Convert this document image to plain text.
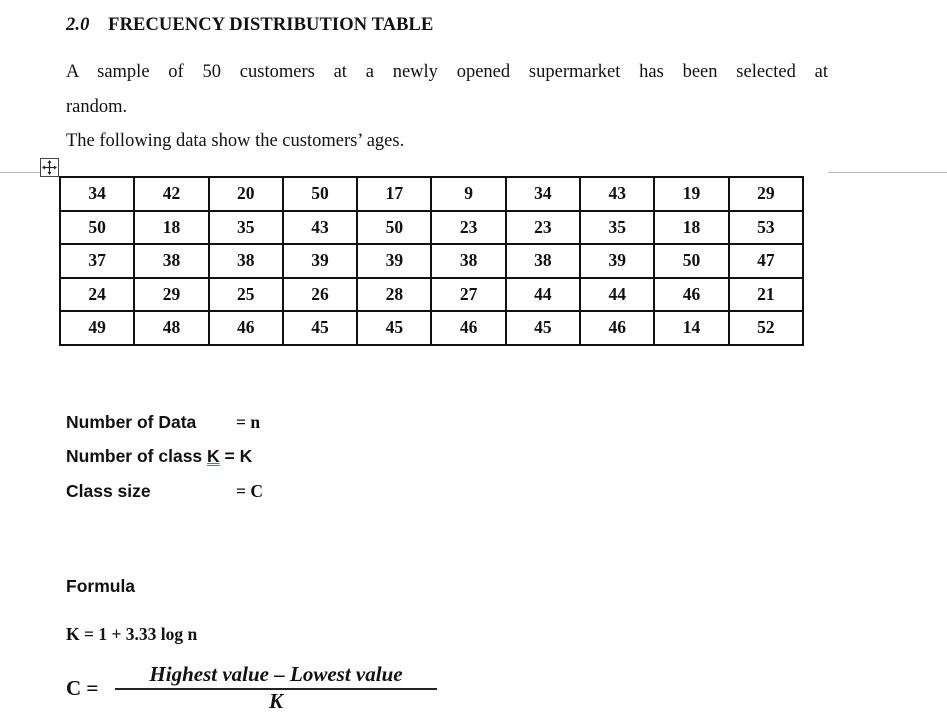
2.0 FRECUENCY DISTRIBUTION TABLE
A sample of 50 customers at a newly opened supermarket has been selected at
random.
The following data show the customers’ ages.
34	42	20	50	17	9	34	43	19	29
50	18	35	43	50	23	23	35	18	53
37	38	38	39	39	38	38	39	50	47
24	29	25	26	28	27	44	44	46	21
49	48	46	45	45	46	45	46	14	52
Number of Data = n
Number of class K = K
Class size	= C
Formula
K = 1 + 3.33 log n
C =
Highest value – Lowest value
K
